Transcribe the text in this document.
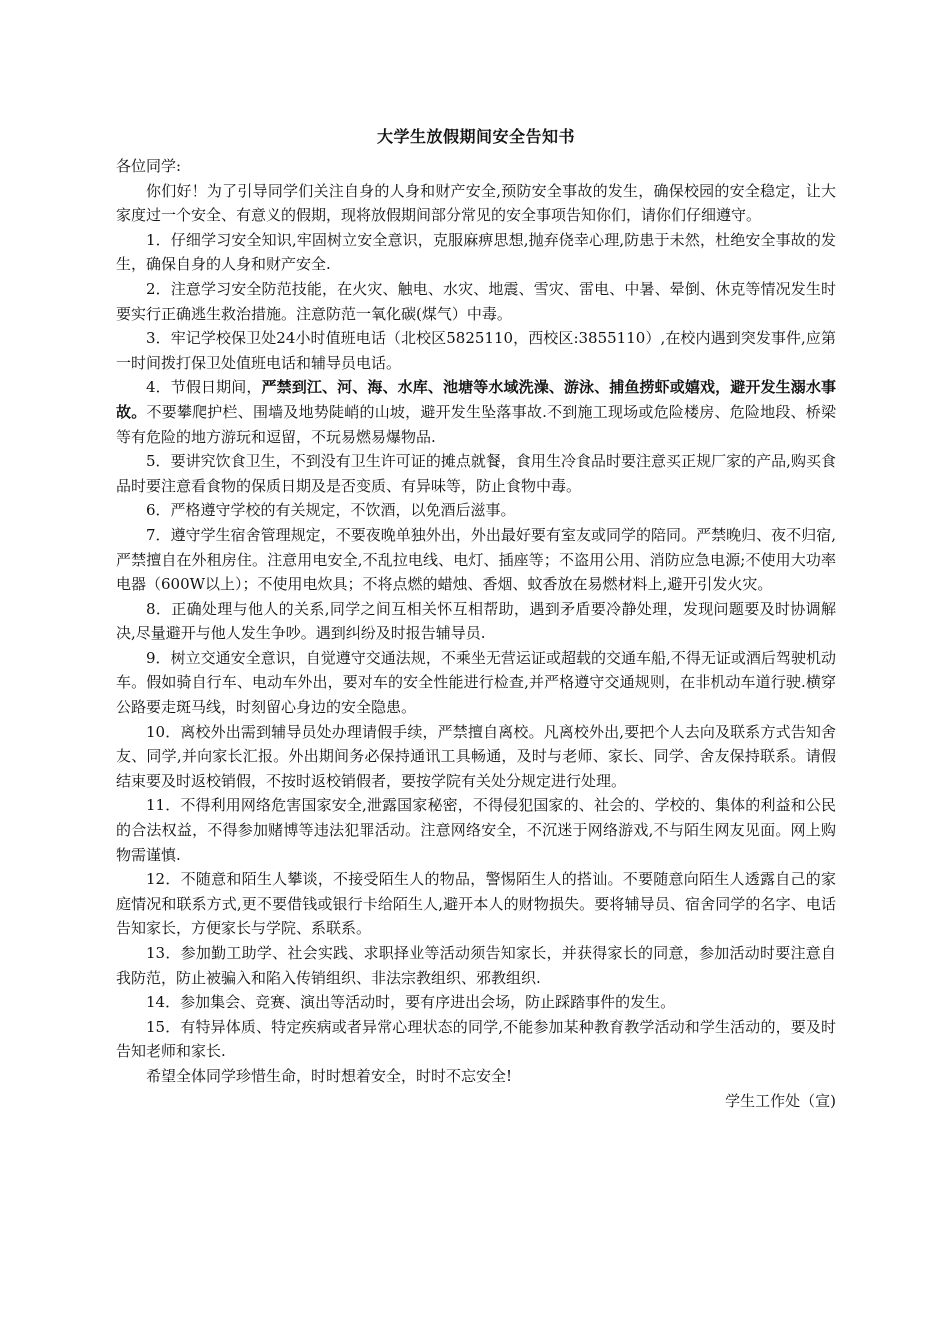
大学生放假期间安全告知书

各位同学:

你们好！为了引导同学们关注自身的人身和财产安全,预防安全事故的发生，确保校园的安全稳定，让大家度过一个安全、有意义的假期，现将放假期间部分常见的安全事项告知你们，请你们仔细遵守。

1．仔细学习安全知识,牢固树立安全意识，克服麻痹思想,抛弃侥幸心理,防患于未然，杜绝安全事故的发生，确保自身的人身和财产安全.

2．注意学习安全防范技能，在火灾、触电、水灾、地震、雪灾、雷电、中暑、晕倒、休克等情况发生时要实行正确逃生救治措施。注意防范一氧化碳(煤气）中毒。

3．牢记学校保卫处24小时值班电话（北校区5825110，西校区:3855110）,在校内遇到突发事件,应第一时间拨打保卫处值班电话和辅导员电话。

4．节假日期间，严禁到江、河、海、水库、池塘等水域洗澡、游泳、捕鱼捞虾或嬉戏，避开发生溺水事故。不要攀爬护栏、围墙及地势陡峭的山坡，避开发生坠落事故.不到施工现场或危险楼房、危险地段、桥梁等有危险的地方游玩和逗留，不玩易燃易爆物品.

5．要讲究饮食卫生，不到没有卫生许可证的摊点就餐，食用生冷食品时要注意买正规厂家的产品,购买食品时要注意看食物的保质日期及是否变质、有异味等，防止食物中毒。

6．严格遵守学校的有关规定，不饮酒，以免酒后滋事。

7．遵守学生宿舍管理规定，不要夜晚单独外出，外出最好要有室友或同学的陪同。严禁晚归、夜不归宿,严禁擅自在外租房住。注意用电安全,不乱拉电线、电灯、插座等；不盗用公用、消防应急电源;不使用大功率电器（600W以上）；不使用电炊具；不将点燃的蜡烛、香烟、蚊香放在易燃材料上,避开引发火灾。

8．正确处理与他人的关系,同学之间互相关怀互相帮助，遇到矛盾要冷静处理，发现问题要及时协调解决,尽量避开与他人发生争吵。遇到纠纷及时报告辅导员.

9．树立交通安全意识，自觉遵守交通法规，不乘坐无营运证或超载的交通车船,不得无证或酒后驾驶机动车。假如骑自行车、电动车外出，要对车的安全性能进行检查,并严格遵守交通规则，在非机动车道行驶.横穿公路要走斑马线，时刻留心身边的安全隐患。

10．离校外出需到辅导员处办理请假手续，严禁擅自离校。凡离校外出,要把个人去向及联系方式告知舍友、同学,并向家长汇报。外出期间务必保持通讯工具畅通，及时与老师、家长、同学、舍友保持联系。请假结束要及时返校销假，不按时返校销假者，要按学院有关处分规定进行处理。

11．不得利用网络危害国家安全,泄露国家秘密，不得侵犯国家的、社会的、学校的、集体的利益和公民的合法权益，不得参加赌博等违法犯罪活动。注意网络安全，不沉迷于网络游戏,不与陌生网友见面。网上购物需谨慎.

12．不随意和陌生人攀谈，不接受陌生人的物品，警惕陌生人的搭讪。不要随意向陌生人透露自己的家庭情况和联系方式,更不要借钱或银行卡给陌生人,避开本人的财物损失。要将辅导员、宿舍同学的名字、电话告知家长，方便家长与学院、系联系。

13．参加勤工助学、社会实践、求职择业等活动须告知家长，并获得家长的同意，参加活动时要注意自我防范，防止被骗入和陷入传销组织、非法宗教组织、邪教组织.

14．参加集会、竞赛、演出等活动时，要有序进出会场，防止踩踏事件的发生。

15．有特异体质、特定疾病或者异常心理状态的同学,不能参加某种教育教学活动和学生活动的，要及时告知老师和家长.

希望全体同学珍惜生命，时时想着安全，时时不忘安全!

学生工作处（宣)
